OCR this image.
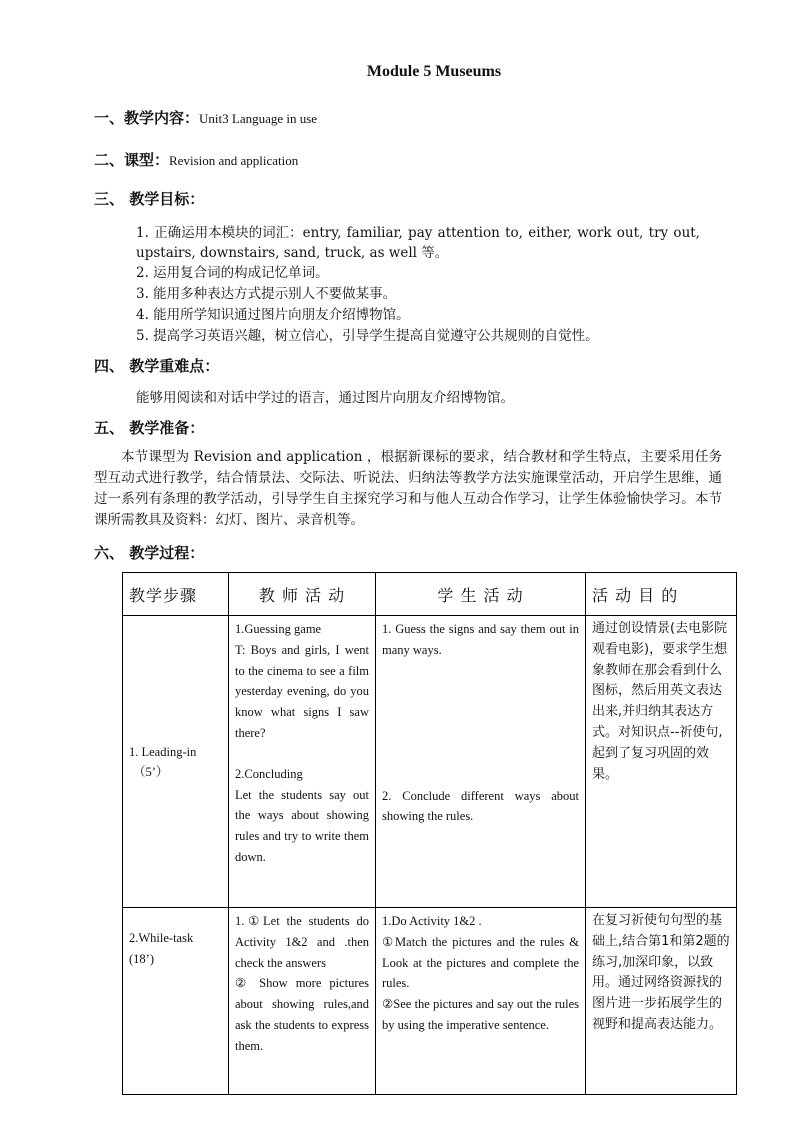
Module 5 Museums
一、教学内容：Unit3 Language in use
二、课型：Revision and application
三、 教学目标：
1. 正确运用本模块的词汇：entry, familiar, pay attention to, either, work out, try out,
upstairs, downstairs, sand, truck, as well 等。
2. 运用复合词的构成记忆单词。
3. 能用多种表达方式提示别人不要做某事。
4. 能用所学知识通过图片向朋友介绍博物馆。
5. 提高学习英语兴趣，树立信心，引导学生提高自觉遵守公共规则的自觉性。
四、 教学重难点：
能够用阅读和对话中学过的语言，通过图片向朋友介绍博物馆。
五、 教学准备：
本节课型为 Revision and application ，根据新课标的要求，结合教材和学生特点，主要采用任务型互动式进行教学，结合情景法、交际法、听说法、归纳法等教学方法实施课堂活动，开启学生思维，通过一系列有条理的教学活动，引导学生自主探究学习和与他人互动合作学习，让学生体验愉快学习。本节课所需教具及资料：幻灯、图片、录音机等。
六、 教学过程：
教学步骤	教 师 活 动	学 生 活 动	活 动 目 的

1. Leading-in
（5’）	1.Guessing game
T: Boys and girls, I went to the cinema to see a film yesterday evening, do you know what signs I saw there?
2.Concluding
Let the students say out the ways about showing rules and try to write them down.	1. Guess the signs and say them out in many ways.
2. Conclude different ways about showing the rules.	通过创设情景(去电影院观看电影)，要求学生想象教师在那会看到什么图标，然后用英文表达出来,并归纳其表达方式。对知识点--祈使句,起到了复习巩固的效果。

2.While-task
(18’)	1.①Let the students do Activity 1&2 and .then check the answers
② Show more pictures about showing rules,and ask the students to express them.	1.Do Activity 1&2 .
①Match the pictures and the rules & Look at the pictures and complete the rules.
②See the pictures and say out the rules by using the imperative sentence.	在复习祈使句句型的基础上,结合第1和第2题的练习,加深印象，以致用。通过网络资源找的图片进一步拓展学生的视野和提高表达能力。
